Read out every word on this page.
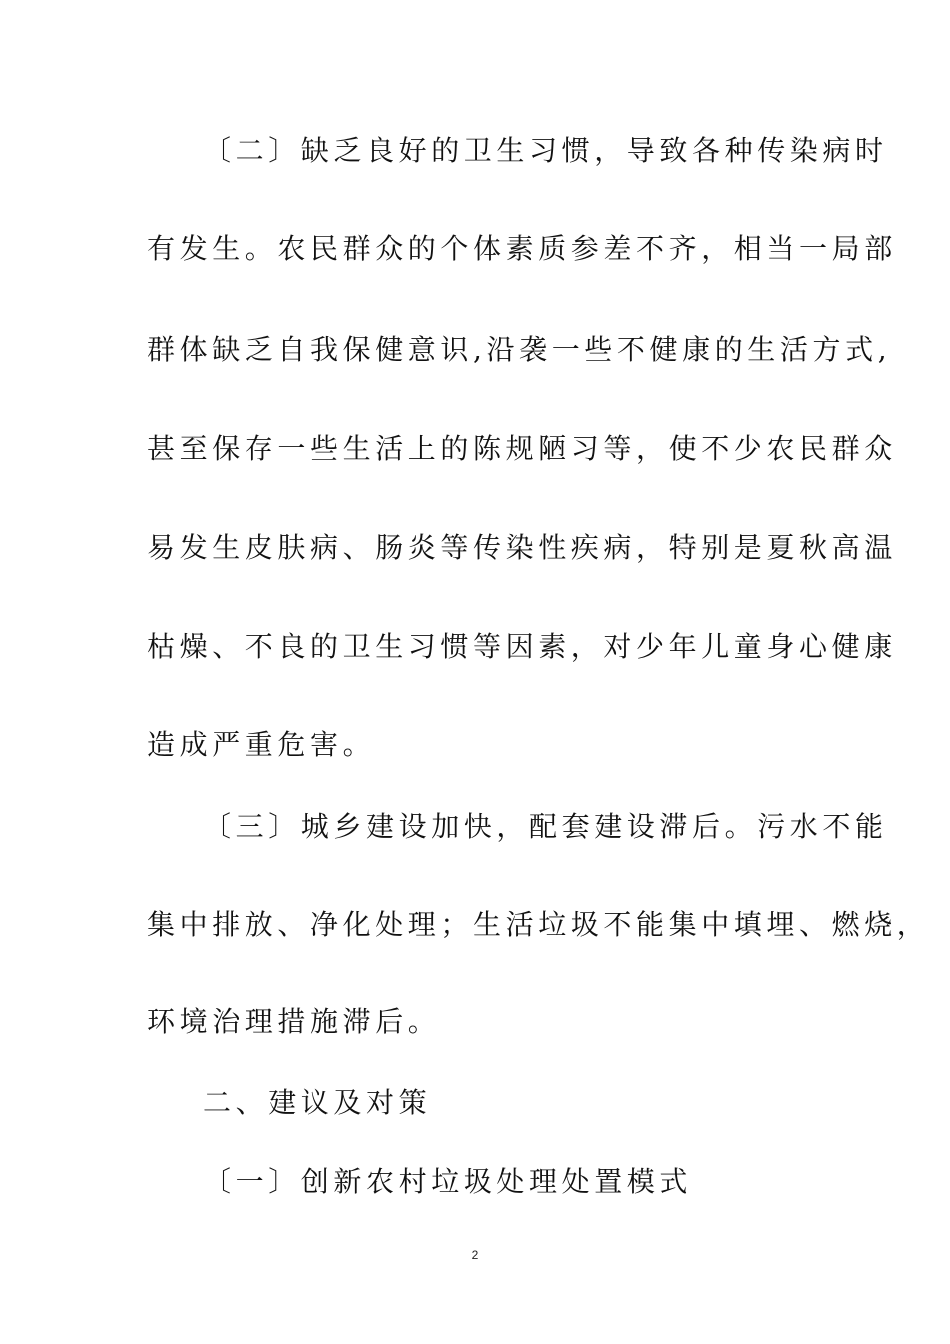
〔二〕缺乏良好的卫生习惯，导致各种传染病时
有发生。农民群众的个体素质参差不齐，相当一局部
群体缺乏自我保健意识,沿袭一些不健康的生活方式,
甚至保存一些生活上的陈规陋习等，使不少农民群众
易发生皮肤病、肠炎等传染性疾病，特别是夏秋高温
枯燥、不良的卫生习惯等因素，对少年儿童身心健康
造成严重危害。
〔三〕城乡建设加快，配套建设滞后。污水不能
集中排放、净化处理；生活垃圾不能集中填埋、燃烧，
环境治理措施滞后。
二、建议及对策
〔一〕创新农村垃圾处理处置模式
2
